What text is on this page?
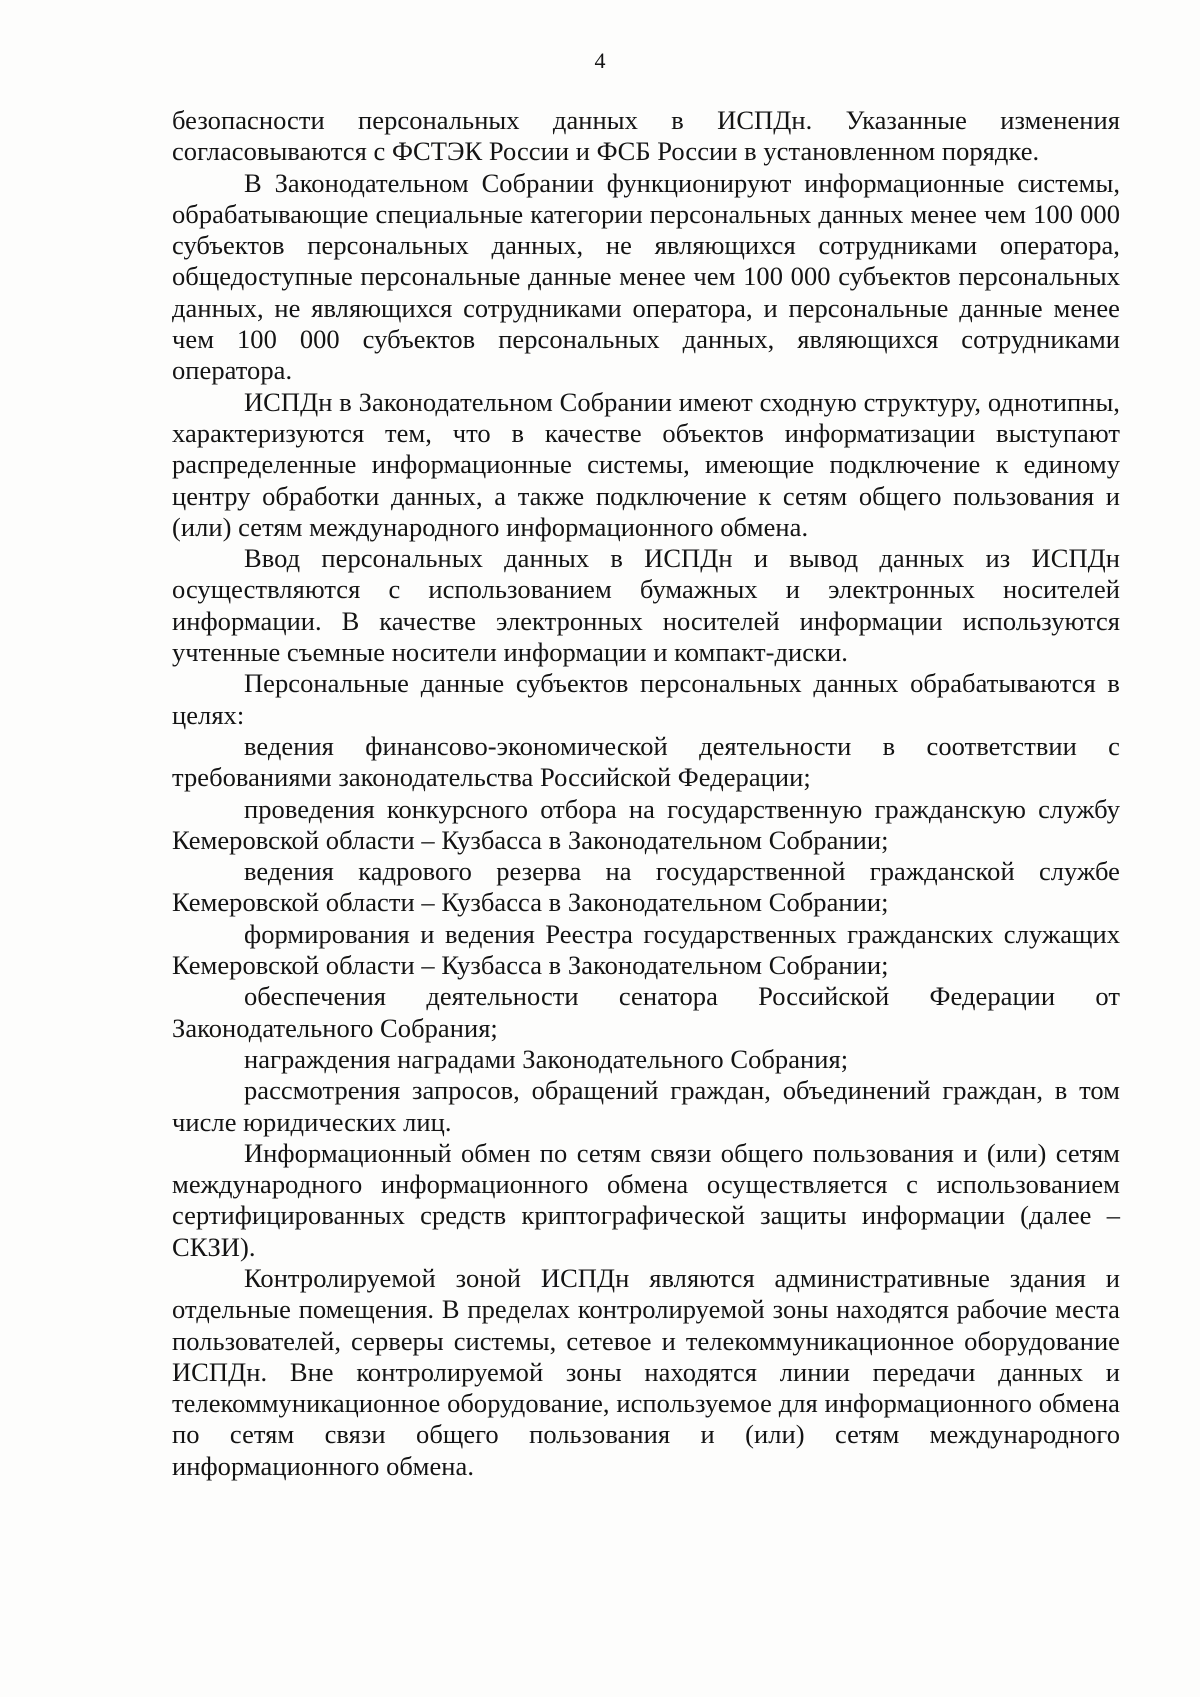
4

безопасности персональных данных в ИСПДн. Указанные изменения согласовываются с ФСТЭК России и ФСБ России в установленном порядке.

В Законодательном Собрании функционируют информационные системы, обрабатывающие специальные категории персональных данных менее чем 100 000 субъектов персональных данных, не являющихся сотрудниками оператора, общедоступные персональные данные менее чем 100 000 субъектов персональных данных, не являющихся сотрудниками оператора, и персональные данные менее чем 100 000 субъектов персональных данных, являющихся сотрудниками оператора.

ИСПДн в Законодательном Собрании имеют сходную структуру, однотипны, характеризуются тем, что в качестве объектов информатизации выступают распределенные информационные системы, имеющие подключение к единому центру обработки данных, а также подключение к сетям общего пользования и (или) сетям международного информационного обмена.

Ввод персональных данных в ИСПДн и вывод данных из ИСПДн осуществляются с использованием бумажных и электронных носителей информации. В качестве электронных носителей информации используются учтенные съемные носители информации и компакт-диски.

Персональные данные субъектов персональных данных обрабатываются в целях:

ведения финансово-экономической деятельности в соответствии с требованиями законодательства Российской Федерации;

проведения конкурсного отбора на государственную гражданскую службу Кемеровской области – Кузбасса в Законодательном Собрании;

ведения кадрового резерва на государственной гражданской службе Кемеровской области – Кузбасса в Законодательном Собрании;

формирования и ведения Реестра государственных гражданских служащих Кемеровской области – Кузбасса в Законодательном Собрании;

обеспечения деятельности сенатора Российской Федерации от Законодательного Собрания;

награждения наградами Законодательного Собрания;

рассмотрения запросов, обращений граждан, объединений граждан, в том числе юридических лиц.

Информационный обмен по сетям связи общего пользования и (или) сетям международного информационного обмена осуществляется с использованием сертифицированных средств криптографической защиты информации (далее – СКЗИ).

Контролируемой зоной ИСПДн являются административные здания и отдельные помещения. В пределах контролируемой зоны находятся рабочие места пользователей, серверы системы, сетевое и телекоммуникационное оборудование ИСПДн. Вне контролируемой зоны находятся линии передачи данных и телекоммуникационное оборудование, используемое для информационного обмена по сетям связи общего пользования и (или) сетям международного информационного обмена.
